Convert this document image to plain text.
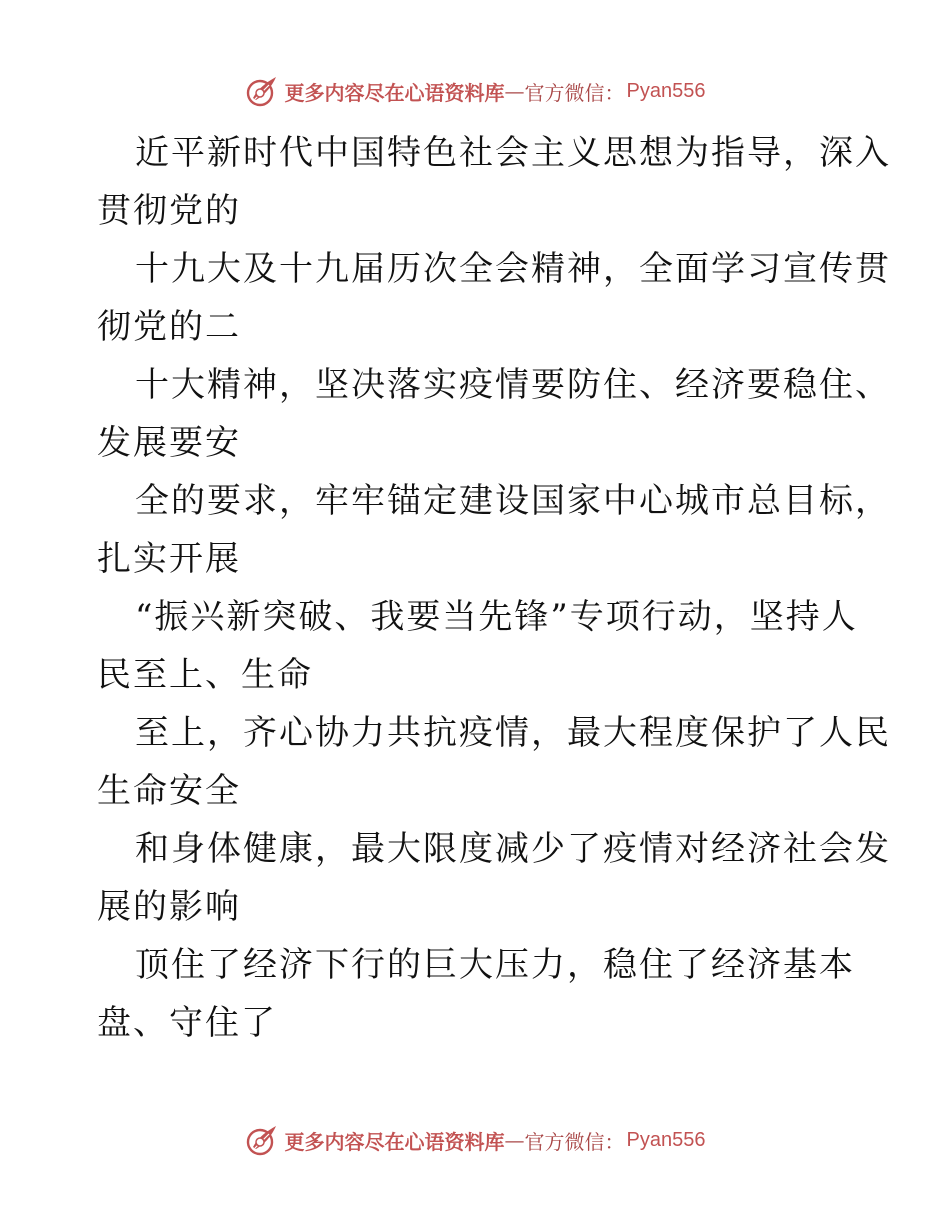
更多内容尽在心语资料库 — 官方微信： Pyan556
近平新时代中国特色社会主义思想为指导，深入
贯彻党的
十九大及十九届历次全会精神，全面学习宣传贯
彻党的二
十大精神，坚决落实疫情要防住、经济要稳住、
发展要安
全的要求，牢牢锚定建设国家中心城市总目标，
扎实开展
“振兴新突破、我要当先锋”专项行动，坚持人
民至上、生命
至上，齐心协力共抗疫情，最大程度保护了人民
生命安全
和身体健康，最大限度减少了疫情对经济社会发
展的影响
顶住了经济下行的巨大压力，稳住了经济基本
盘、守住了
更多内容尽在心语资料库 — 官方微信： Pyan556
